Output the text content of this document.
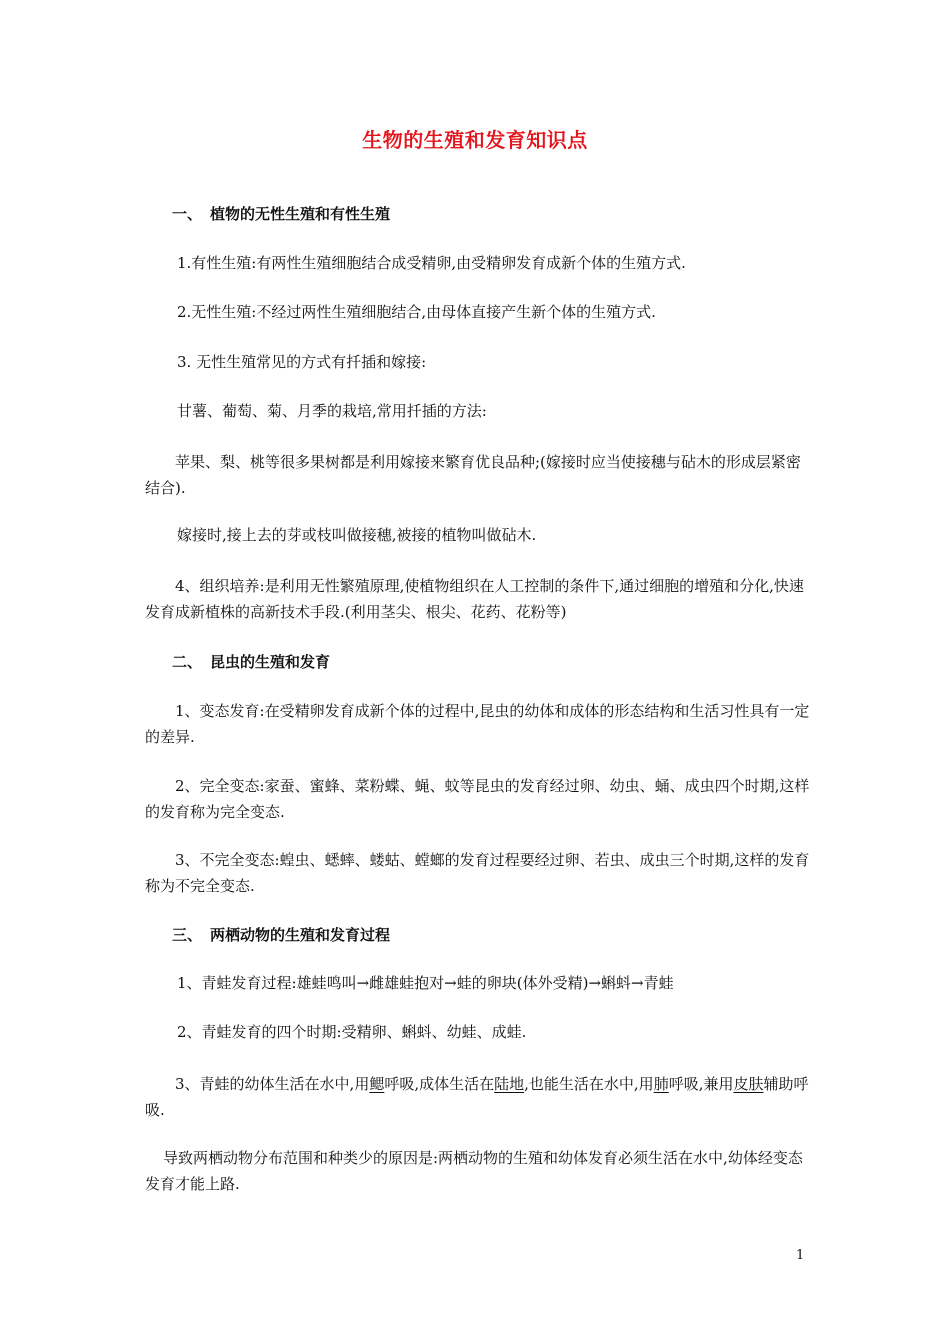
生物的生殖和发育知识点
一、 植物的无性生殖和有性生殖
1.有性生殖:有两性生殖细胞结合成受精卵,由受精卵发育成新个体的生殖方式.
2.无性生殖:不经过两性生殖细胞结合,由母体直接产生新个体的生殖方式.
3. 无性生殖常见的方式有扦插和嫁接:
甘薯、葡萄、菊、月季的栽培,常用扦插的方法:
苹果、梨、桃等很多果树都是利用嫁接来繁育优良品种;(嫁接时应当使接穗与砧木的形成层紧密结合).
嫁接时,接上去的芽或枝叫做接穗,被接的植物叫做砧木.
4、组织培养:是利用无性繁殖原理,使植物组织在人工控制的条件下,通过细胞的增殖和分化,快速发育成新植株的高新技术手段.(利用茎尖、根尖、花药、花粉等)
二、 昆虫的生殖和发育
1、变态发育:在受精卵发育成新个体的过程中,昆虫的幼体和成体的形态结构和生活习性具有一定的差异.
2、完全变态:家蚕、蜜蜂、菜粉蝶、蝇、蚊等昆虫的发育经过卵、幼虫、蛹、成虫四个时期,这样的发育称为完全变态.
3、不完全变态:蝗虫、蟋蟀、蝼蛄、螳螂的发育过程要经过卵、若虫、成虫三个时期,这样的发育称为不完全变态.
三、 两栖动物的生殖和发育过程
1、青蛙发育过程:雄蛙鸣叫→雌雄蛙抱对→蛙的卵块(体外受精)→蝌蚪→青蛙
2、青蛙发育的四个时期:受精卵、蝌蚪、幼蛙、成蛙.
3、青蛙的幼体生活在水中,用鳃呼吸,成体生活在陆地,也能生活在水中,用肺呼吸,兼用皮肤辅助呼吸.
导致两栖动物分布范围和种类少的原因是:两栖动物的生殖和幼体发育必须生活在水中,幼体经变态发育才能上路.
1
